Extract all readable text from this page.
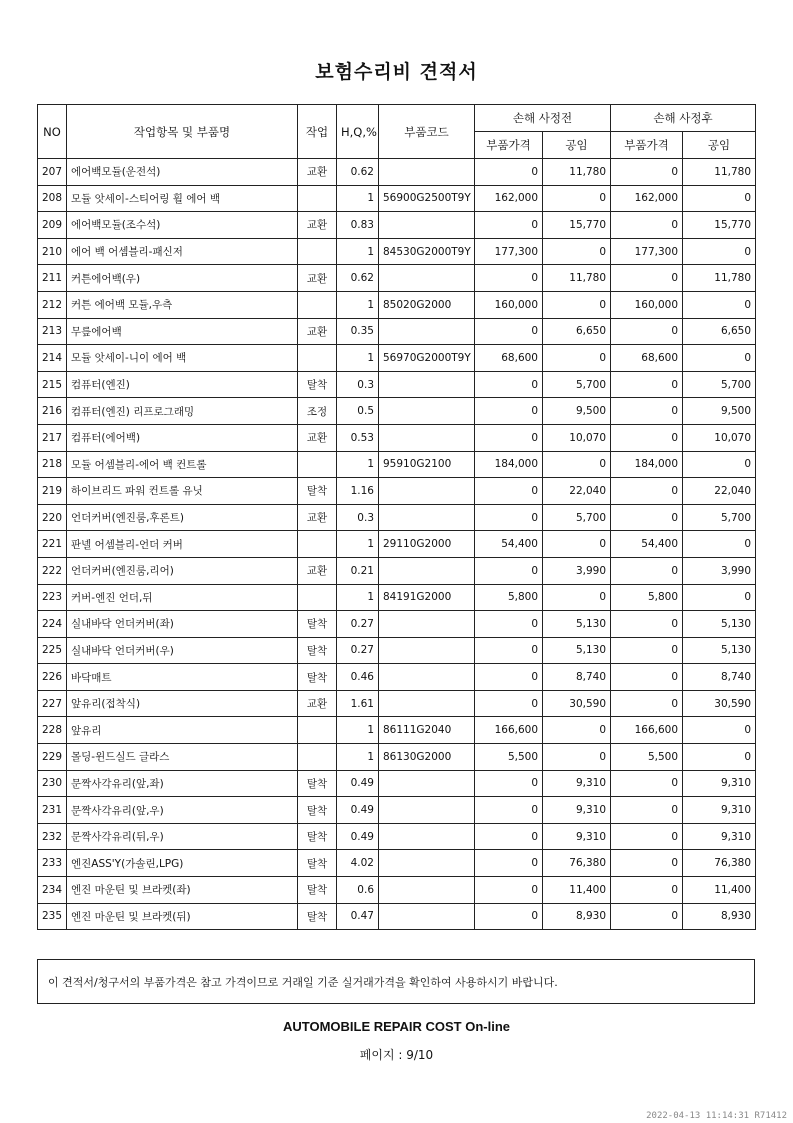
보험수리비 견적서
NO	작업항목 및 부품명	작업	H,Q,%	부품코드	손해 사정전		손해 사정후	
					부품가격	공임	부품가격	공임
207	에어백모듈(운전석)	교환	0.62		0	11,780	0	11,780
208	모듈 앗세이-스티어링 휠 에어 백		1	56900G2500T9Y	162,000	0	162,000	0
209	에어백모듈(조수석)	교환	0.83		0	15,770	0	15,770
210	에어 백 어셈블리-패신저		1	84530G2000T9Y	177,300	0	177,300	0
211	커튼에어백(우)	교환	0.62		0	11,780	0	11,780
212	커튼 에어백 모듈,우측		1	85020G2000	160,000	0	160,000	0
213	무릎에어백	교환	0.35		0	6,650	0	6,650
214	모듈 앗세이-니이 에어 백		1	56970G2000T9Y	68,600	0	68,600	0
215	컴퓨터(엔진)	탈착	0.3		0	5,700	0	5,700
216	컴퓨터(엔진) 리프로그래밍	조정	0.5		0	9,500	0	9,500
217	컴퓨터(에어백)	교환	0.53		0	10,070	0	10,070
218	모듈 어셈블리-에어 백 컨트롤		1	95910G2100	184,000	0	184,000	0
219	하이브리드 파워 컨트롤 유닛	탈착	1.16		0	22,040	0	22,040
220	언더커버(엔진룸,후론트)	교환	0.3		0	5,700	0	5,700
221	판넬 어셈블리-언더 커버		1	29110G2000	54,400	0	54,400	0
222	언더커버(엔진룸,리어)	교환	0.21		0	3,990	0	3,990
223	커버-엔진 언더,뒤		1	84191G2000	5,800	0	5,800	0
224	실내바닥 언더커버(좌)	탈착	0.27		0	5,130	0	5,130
225	실내바닥 언더커버(우)	탈착	0.27		0	5,130	0	5,130
226	바닥매트	탈착	0.46		0	8,740	0	8,740
227	앞유리(접착식)	교환	1.61		0	30,590	0	30,590
228	앞유리		1	86111G2040	166,600	0	166,600	0
229	몰딩-윈드실드 글라스		1	86130G2000	5,500	0	5,500	0
230	문짝사각유리(앞,좌)	탈착	0.49		0	9,310	0	9,310
231	문짝사각유리(앞,우)	탈착	0.49		0	9,310	0	9,310
232	문짝사각유리(뒤,우)	탈착	0.49		0	9,310	0	9,310
233	엔진ASS'Y(가솔린,LPG)	탈착	4.02		0	76,380	0	76,380
234	엔진 마운틴 및 브라켓(좌)	탈착	0.6		0	11,400	0	11,400
235	엔진 마운틴 및 브라켓(뒤)	탈착	0.47		0	8,930	0	8,930
이 견적서/청구서의 부품가격은 참고 가격이므로 거래일 기준 실거래가격을 확인하여 사용하시기 바랍니다.
AUTOMOBILE REPAIR COST On-line
페이지 : 9/10
2022-04-13 11:14:31 R71412
